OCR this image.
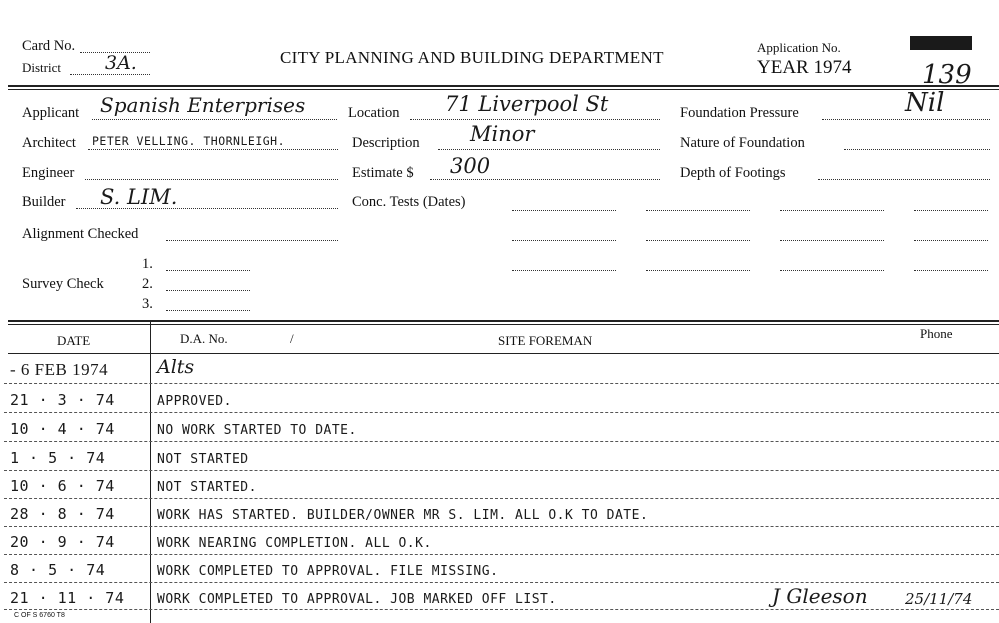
Card No.
District 3A.	CITY PLANNING AND BUILDING DEPARTMENT
Application No.
YEAR 1974	139
Applicant Spanish Enterprises
Architect PETER VELLING. THORNLEIGH.
Engineer
Builder S. LIM.
Alignment Checked
Survey Check
1.
2.
3.
Location 71 Liverpool St
Description Minor
Estimate $ 300
Conc. Tests (Dates)
Foundation Pressure	Nil
Nature of Foundation
Depth of Footings
DATE	D.A. No.	/	SITE FOREMAN	Phone
- 6 FEB 1974	Alts
21 · 3 · 74	APPROVED.
10 · 4 · 74	NO WORK STARTED TO DATE.
1 · 5 · 74	NOT STARTED
10 · 6 · 74	NOT STARTED.
28 · 8 · 74	WORK HAS STARTED. BUILDER/OWNER MR S. LIM. ALL O.K TO DATE.
20 · 9 · 74	WORK NEARING COMPLETION. ALL O.K.
8 · 5 · 74	WORK COMPLETED TO APPROVAL. FILE MISSING.
21 · 11 · 74	WORK COMPLETED TO APPROVAL. JOB MARKED OFF LIST.	J Gleeson 25/11/74
C OF S 6760 T8
